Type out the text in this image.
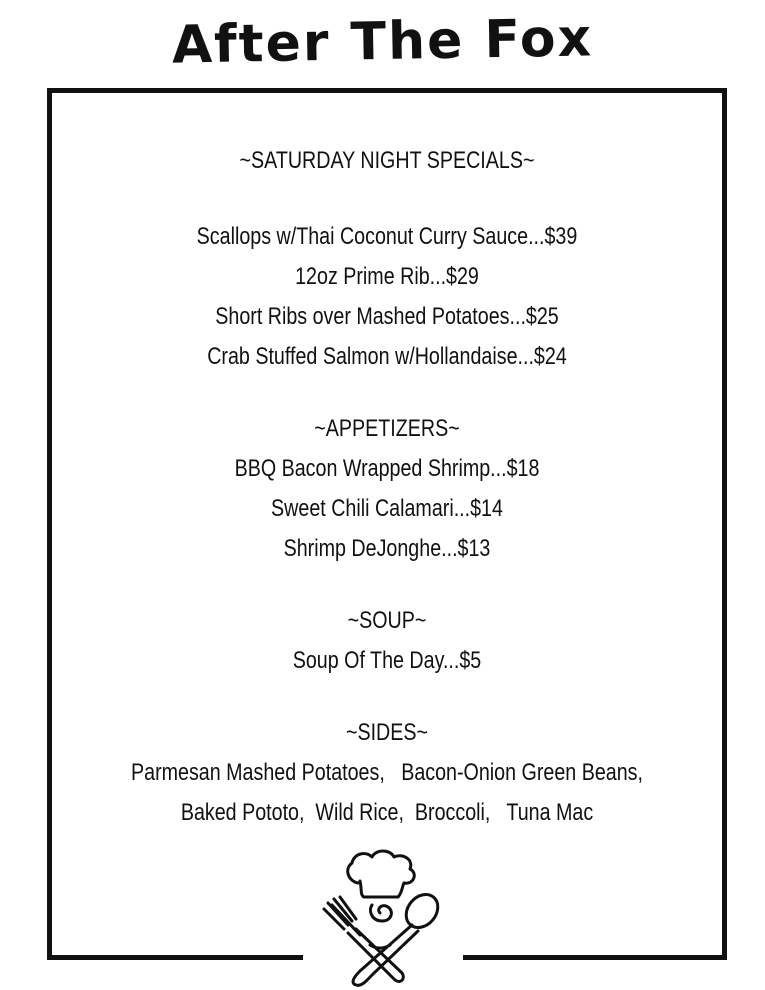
After The Fox
~SATURDAY NIGHT SPECIALS~
Scallops w/Thai Coconut Curry Sauce...$39
12oz Prime Rib...$29
Short Ribs over Mashed Potatoes...$25
Crab Stuffed Salmon w/Hollandaise...$24
~APPETIZERS~
BBQ Bacon Wrapped Shrimp...$18
Sweet Chili Calamari...$14
Shrimp DeJonghe...$13
~SOUP~
Soup Of The Day...$5
~SIDES~
Parmesan Mashed Potatoes,   Bacon-Onion Green Beans,
Baked Pototo,  Wild Rice,  Broccoli,   Tuna Mac
